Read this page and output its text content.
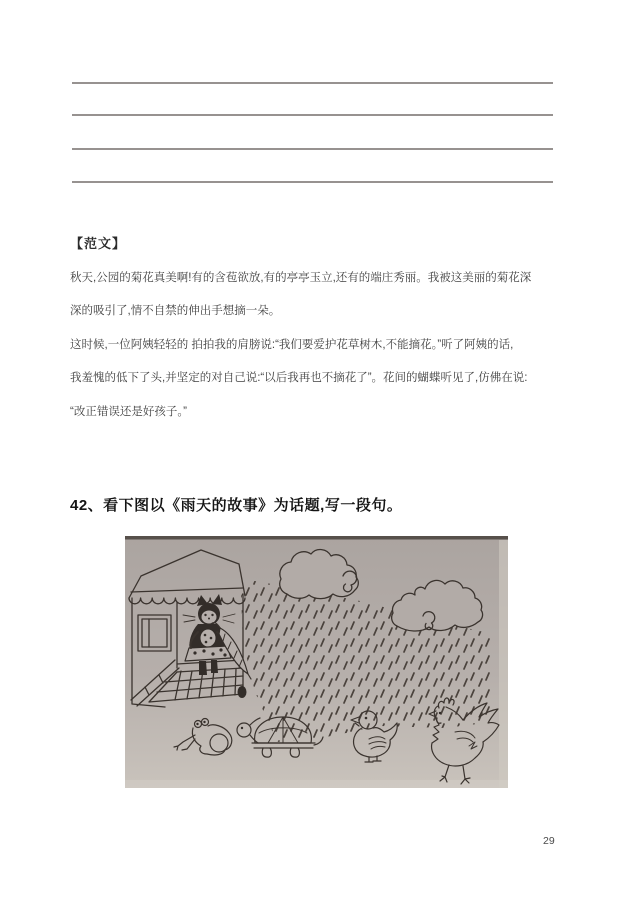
【范文】
秋天,公园的菊花真美啊!有的含苞欲放,有的亭亭玉立,还有的端庄秀丽。我被这美丽的菊花深
深的吸引了,情不自禁的伸出手想摘一朵。
这时候,一位阿姨轻轻的 拍拍我的肩膀说:“我们要爱护花草树木,不能摘花。”听了阿姨的话,
我羞愧的低下了头,并坚定的对自己说:“以后我再也不摘花了”。花间的蝴蝶听见了,仿佛在说:
“改正错误还是好孩子。”
42、看下图以《雨天的故事》为话题,写一段句。
29
